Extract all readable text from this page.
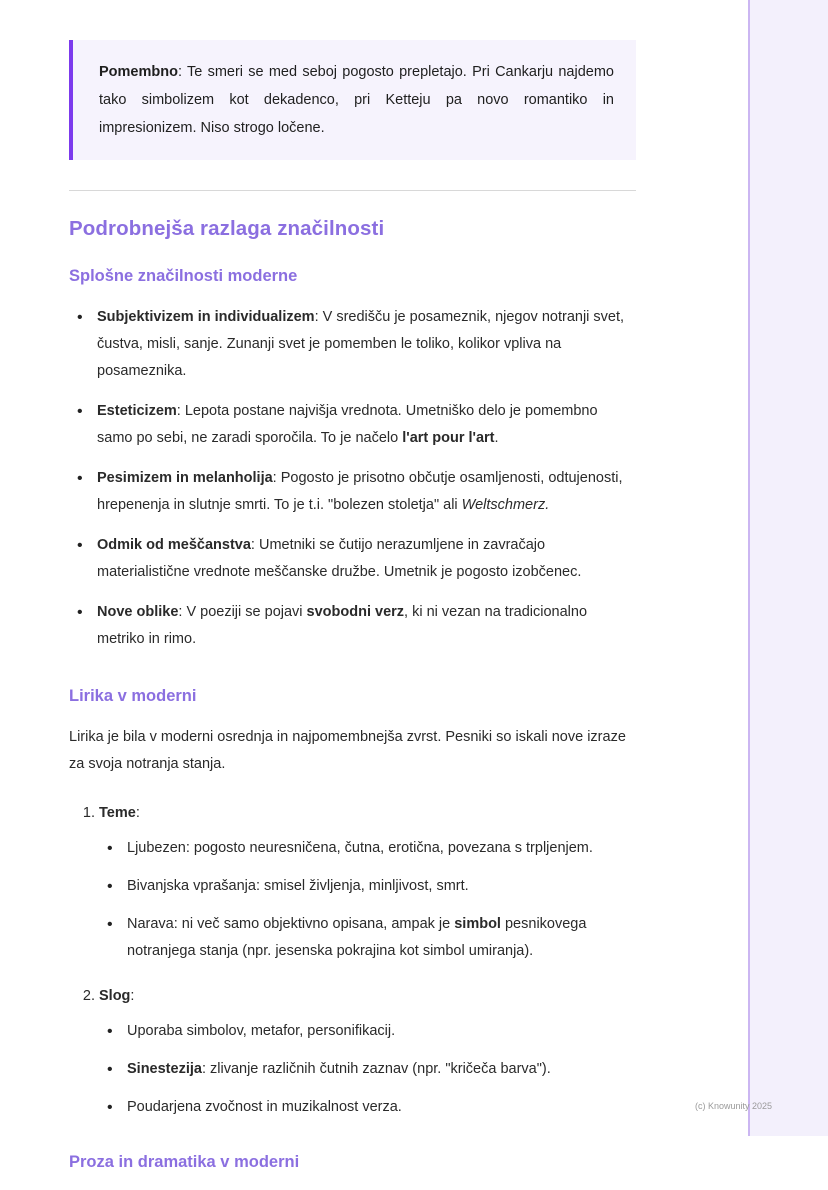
Pomembno: Te smeri se med seboj pogosto prepletajo. Pri Cankarju najdemo tako simbolizem kot dekadenco, pri Ketteju pa novo romantiko in impresionizem. Niso strogo ločene.

Podrobnejša razlaga značilnosti
Splošne značilnosti moderne
• Subjektivizem in individualizem: V središču je posameznik, njegov notranji svet, čustva, misli, sanje. Zunanji svet je pomemben le toliko, kolikor vpliva na posameznika.
• Esteticizem: Lepota postane najvišja vrednota. Umetniško delo je pomembno samo po sebi, ne zaradi sporočila. To je načelo l'art pour l'art.
• Pesimizem in melanholija: Pogosto je prisotno občutje osamljenosti, odtujenosti, hrepenenja in slutnje smrti. To je t.i. "bolezen stoletja" ali Weltschmerz.
• Odmik od meščanstva: Umetniki se čutijo nerazumljene in zavračajo materialistične vrednote meščanske družbe. Umetnik je pogosto izobčenec.
• Nove oblike: V poeziji se pojavi svobodni verz, ki ni vezan na tradicionalno metriko in rimo.
Lirika v moderni

Lirika je bila v moderni osrednja in najpomembnejša zvrst. Pesniki so iskali nove izraze za svoja notranja stanja.

1. Teme:
• Ljubezen: pogosto neuresničena, čutna, erotična, povezana s trpljenjem.
• Bivanjska vprašanja: smisel življenja, minljivost, smrt.
• Narava: ni več samo objektivno opisana, ampak je simbol pesnikovega notranjega stanja (npr. jesenska pokrajina kot simbol umiranja).
2. Slog:
• Uporaba simbolov, metafor, personifikacij.
• Sinestezija: zlivanje različnih čutnih zaznav (npr. "kričeča barva").
• Poudarjena zvočnost in muzikalnost verza.
Proza in dramatika v moderni
(c) Knowunity 2025
